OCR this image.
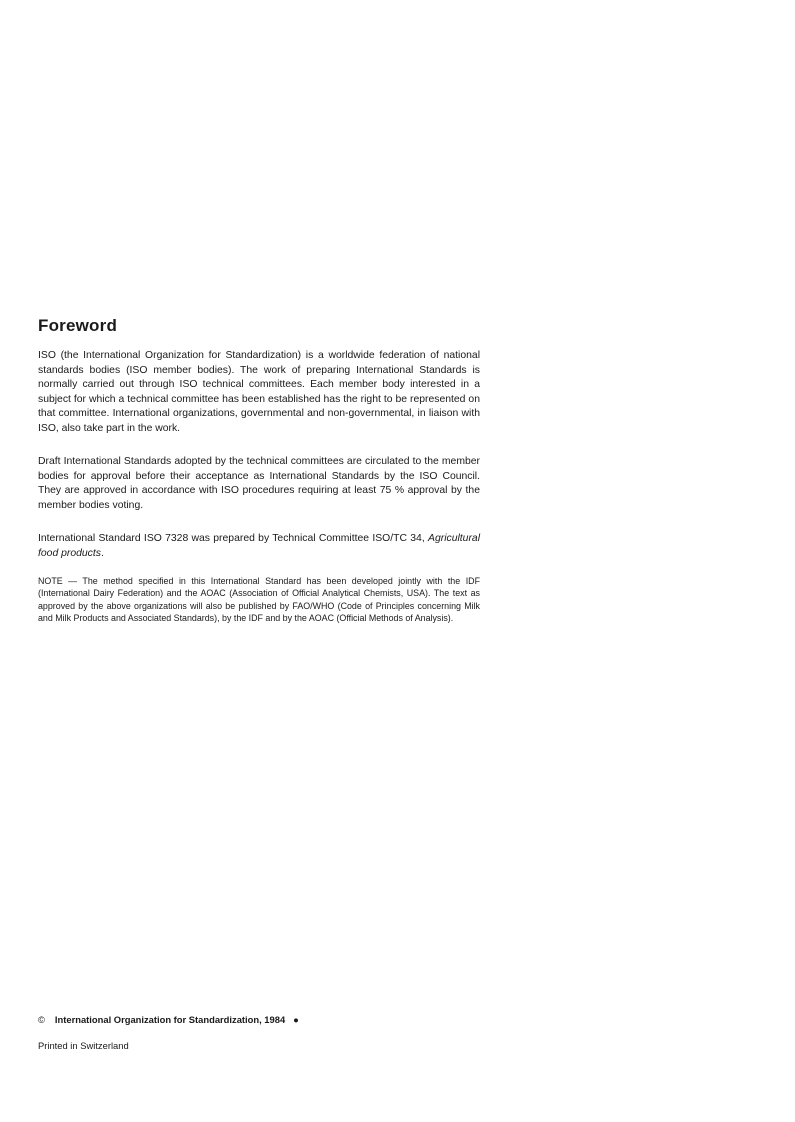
Foreword

ISO (the International Organization for Standardization) is a worldwide federation of national standards bodies (ISO member bodies). The work of preparing International Standards is normally carried out through ISO technical committees. Each member body interested in a subject for which a technical committee has been established has the right to be represented on that committee. International organizations, governmental and non-governmental, in liaison with ISO, also take part in the work.

Draft International Standards adopted by the technical committees are circulated to the member bodies for approval before their acceptance as International Standards by the ISO Council. They are approved in accordance with ISO procedures requiring at least 75 % approval by the member bodies voting.

International Standard ISO 7328 was prepared by Technical Committee ISO/TC 34, Agricultural food products.

NOTE — The method specified in this International Standard has been developed jointly with the IDF (International Dairy Federation) and the AOAC (Association of Official Analytical Chemists, USA). The text as approved by the above organizations will also be published by FAO/WHO (Code of Principles concerning Milk and Milk Products and Associated Standards), by the IDF and by the AOAC (Official Methods of Analysis).

© International Organization for Standardization, 1984 ●
Printed in Switzerland
